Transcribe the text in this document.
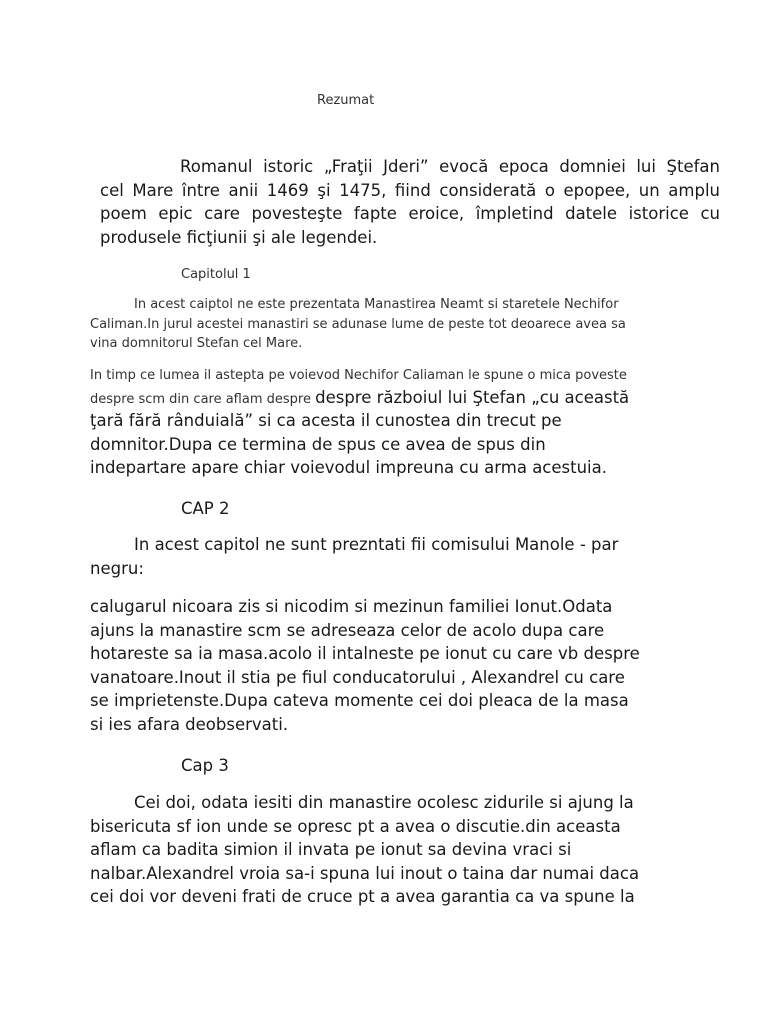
Rezumat
Romanul istoric „Fraţii Jderi” evocă epoca domniei lui Ştefan
cel Mare între anii 1469 şi 1475, fiind considerată o epopee, un amplu
poem epic care povesteşte fapte eroice, împletind datele istorice cu
produsele ficţiunii şi ale legendei.
Capitolul 1
In acest caiptol ne este prezentata Manastirea Neamt si staretele Nechifor
Caliman.In jurul acestei manastiri se adunase lume de peste tot deoarece avea sa
vina domnitorul Stefan cel Mare.
In timp ce lumea il astepta pe voievod Nechifor Caliaman le spune o mica poveste
despre scm din care aflam despre despre războiul lui Ştefan „cu această
ţară fără rânduială” si ca acesta il cunostea din trecut pe
domnitor.Dupa ce termina de spus ce avea de spus din
indepartare apare chiar voievodul impreuna cu arma acestuia.
CAP 2
In acest capitol ne sunt prezntati fii comisului Manole - par
negru:
calugarul nicoara zis si nicodim si mezinun familiei Ionut.Odata
ajuns la manastire scm se adreseaza celor de acolo dupa care
hotareste sa ia masa.acolo il intalneste pe ionut cu care vb despre
vanatoare.Inout il stia pe fiul conducatorului , Alexandrel cu care
se imprietenste.Dupa cateva momente cei doi pleaca de la masa
si ies afara deobservati.
Cap 3
Cei doi, odata iesiti din manastire ocolesc zidurile si ajung la
bisericuta sf ion unde se opresc pt a avea o discutie.din aceasta
aflam ca badita simion il invata pe ionut sa devina vraci si
nalbar.Alexandrel vroia sa-i spuna lui inout o taina dar numai daca
cei doi vor deveni frati de cruce pt a avea garantia ca va spune la
